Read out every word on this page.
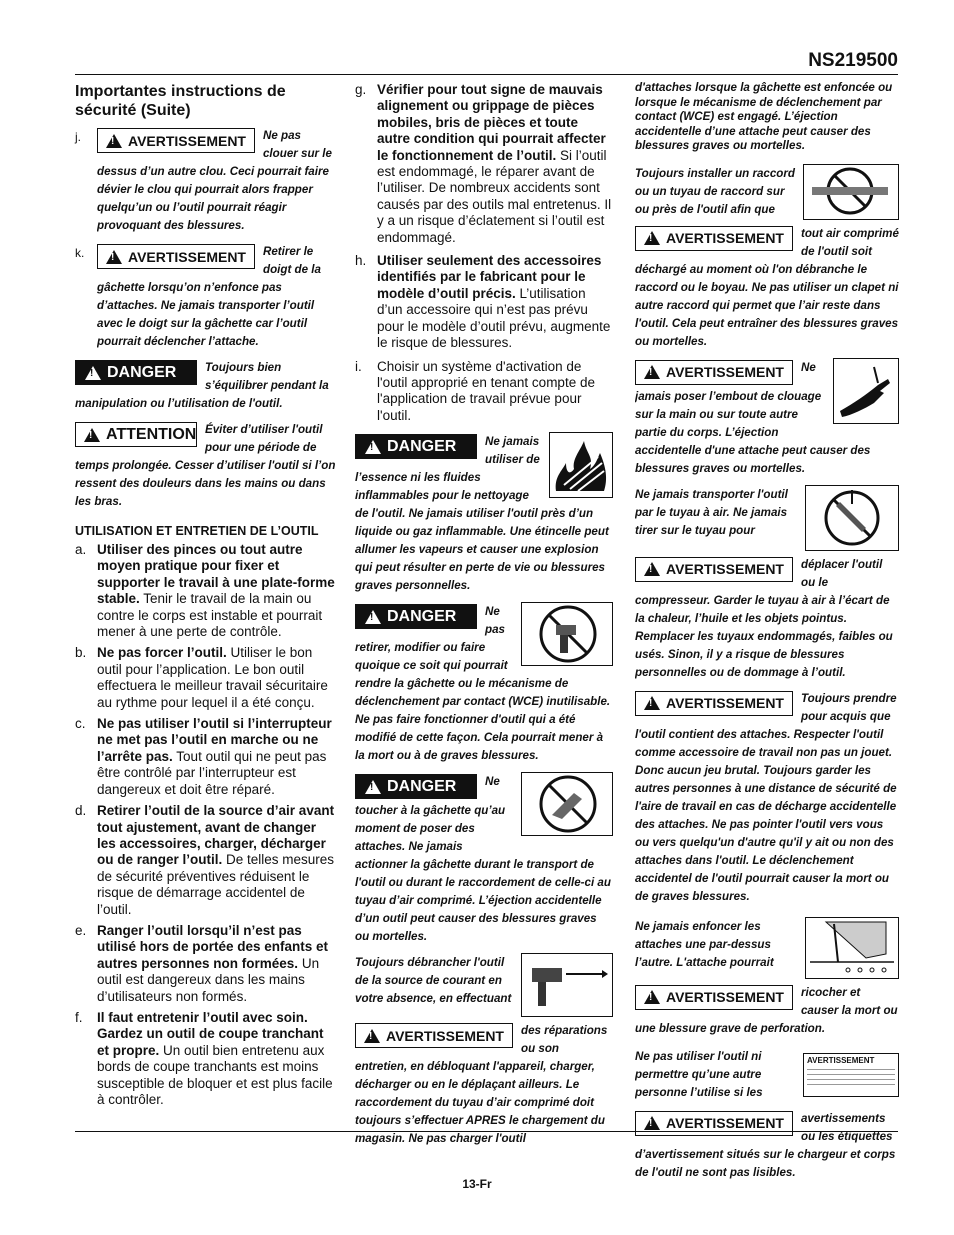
NS219500
Importantes instructions de sécurité (Suite)
j. !	AVERTISSEMENT Ne pas clouer sur le dessus d’un autre clou. Ceci pourrait faire dévier le clou qui pourrait alors frapper quelqu’un ou l’outil pourrait réagir provoquant des blessures.
k. !	AVERTISSEMENT Retirer le doigt de la gâchette lorsqu’on n’enfonce pas d’attaches. Ne jamais transporter l’outil avec le doigt sur la gâchette car l’outil pourrait déclencher l’attache.
!
DANGER Toujours bien s’équilibrer pendant la manipulation ou l’utilisation de l'outil.
!
ATTENTION Éviter d’utiliser l'outil pour une période de temps prolongée. Cesser d’utiliser l'outil si l’on ressent des douleurs dans les mains ou dans les bras.
UTILISATION ET ENTRETIEN DE L’OUTIL
a. Utiliser des pinces ou tout autre moyen pratique pour fixer et supporter le travail à une plate-forme stable. Tenir le travail de la main ou contre le corps est instable et pourrait mener à une perte de contrôle.
b. Ne pas forcer l’outil. Utiliser le bon outil pour l’application. Le bon outil effectuera le meilleur travail sécuritaire au rythme pour lequel il a été conçu.
c. Ne pas utiliser l’outil si l’interrupteur ne met pas l’outil en marche ou ne l’arrête pas. Tout outil qui ne peut pas être contrôlé par l’interrupteur est dangereux et doit être réparé.
d. Retirer l’outil de la source d’air avant tout ajustement, avant de changer les accessoires, charger, décharger ou de ranger l’outil. De telles mesures de sécurité préventives réduisent le risque de démarrage accidentel de l’outil.
e. Ranger l’outil lorsqu’il n’est pas utilisé hors de portée des enfants et autres personnes non formées. Un outil est dangereux dans les mains d’utilisateurs non formés.
f.	Il faut entretenir l’outil avec soin. Gardez un outil de coupe tranchant et propre. Un outil bien entretenu aux bords de coupe tranchants est moins susceptible de bloquer et est plus facile à contrôler.
g. Vérifier pour tout signe de mauvais alignement ou grippage de pièces mobiles, bris de pièces et toute autre condition qui pourrait affecter le fonctionnement de l’outil. Si l’outil est endommagé, le réparer avant de l’utiliser. De nombreux accidents sont causés par des outils mal entretenus. Il y a un risque d’éclatement si l’outil est endommagé.
h. Utiliser seulement des accessoires identifiés par le fabricant pour le modèle d’outil précis. L’utilisation d’un accessoire qui n’est pas prévu pour le modèle d’outil prévu, augmente le risque de blessures.
i.	Choisir un système d'activation de l'outil approprié en tenant compte de l'application de travail prévue pour l'outil.
!
DANGER Ne jamais utiliser de l’essence ni les fluides inflammables pour le nettoyage de l'outil. Ne jamais utiliser l'outil près d’un liquide ou gaz inflammable. Une étincelle peut allumer les vapeurs et causer une explosion qui peut résulter en perte de vie ou blessures graves personnelles.
!
DANGER Ne pas retirer, modifier ou faire quoique ce soit qui pourrait rendre la gâchette ou le mécanisme de déclenchement par contact (WCE) inutilisable. Ne pas faire fonctionner d'outil qui a été modifié de cette façon. Cela pourrait mener à la mort ou à de graves blessures.
!
DANGER Ne toucher à la gâchette qu’au moment de poser des attaches. Ne jamais actionner la gâchette durant le transport de l'outil ou durant le raccordement de celle-ci au tuyau d’air comprimé. L’éjection accidentelle d’un outil peut causer des blessures graves ou mortelles.
!
AVERTISSEMENT
Toujours débrancher l'outil de la source de courant en votre absence, en effectuant des réparations ou son entretien, en débloquant l'appareil, charger, décharger ou en le déplaçant ailleurs. Le raccordement du tuyau d’air comprimé doit toujours s’effectuer APRES le chargement du magasin. Ne pas charger l'outil
d'attaches lorsque la gâchette est enfoncée ou lorsque le mécanisme de déclenchement par contact (WCE) est engagé. L’éjection accidentelle d’une attache peut causer des blessures graves ou mortelles.
!
AVERTISSEMENT
Toujours installer un raccord ou un tuyau de raccord sur ou près de l'outil afin que tout air comprimé de l'outil soit déchargé au moment où l'on débranche le raccord ou le boyau. Ne pas utiliser un clapet ni autre raccord qui permet que l’air reste dans l'outil. Cela peut entraîner des blessures graves ou mortelles.
!
AVERTISSEMENT Ne jamais poser l’embout de clouage sur la main ou sur toute autre partie du corps. L’éjection accidentelle d'une attache peut causer des blessures graves ou mortelles.
!
AVERTISSEMENT
Ne jamais transporter l'outil par le tuyau à air. Ne jamais tirer sur le tuyau pour déplacer l'outil ou le compresseur. Garder le tuyau à air à l’écart de la chaleur, l’huile et les objets pointus. Remplacer les tuyaux endommagés, faibles ou usés. Sinon, il y a risque de blessures personnelles ou de dommage à l’outil.
!
AVERTISSEMENT Toujours prendre pour acquis que l'outil contient des attaches. Respecter l'outil comme accessoire de travail non pas un jouet. Donc aucun jeu brutal. Toujours garder les autres personnes à une distance de sécurité de l'aire de travail en cas de décharge accidentelle des attaches. Ne pas pointer l'outil vers vous ou vers quelqu'un d'autre qu'il y ait ou non des attaches dans l'outil. Le déclenchement accidentel de l'outil pourrait causer la mort ou de graves blessures.
!
AVERTISSEMENT
Ne jamais enfoncer les attaches une par-dessus l’autre. L'attache pourrait ricocher et causer la mort ou une blessure grave de perforation.
AVERTISSEMENT
!
AVERTISSEMENT
Ne pas utiliser l'outil ni permettre qu’une autre personne l’utilise si les avertissements ou les étiquettes d’avertissement situés sur le chargeur et corps de l'outil ne sont pas lisibles.
13-Fr
